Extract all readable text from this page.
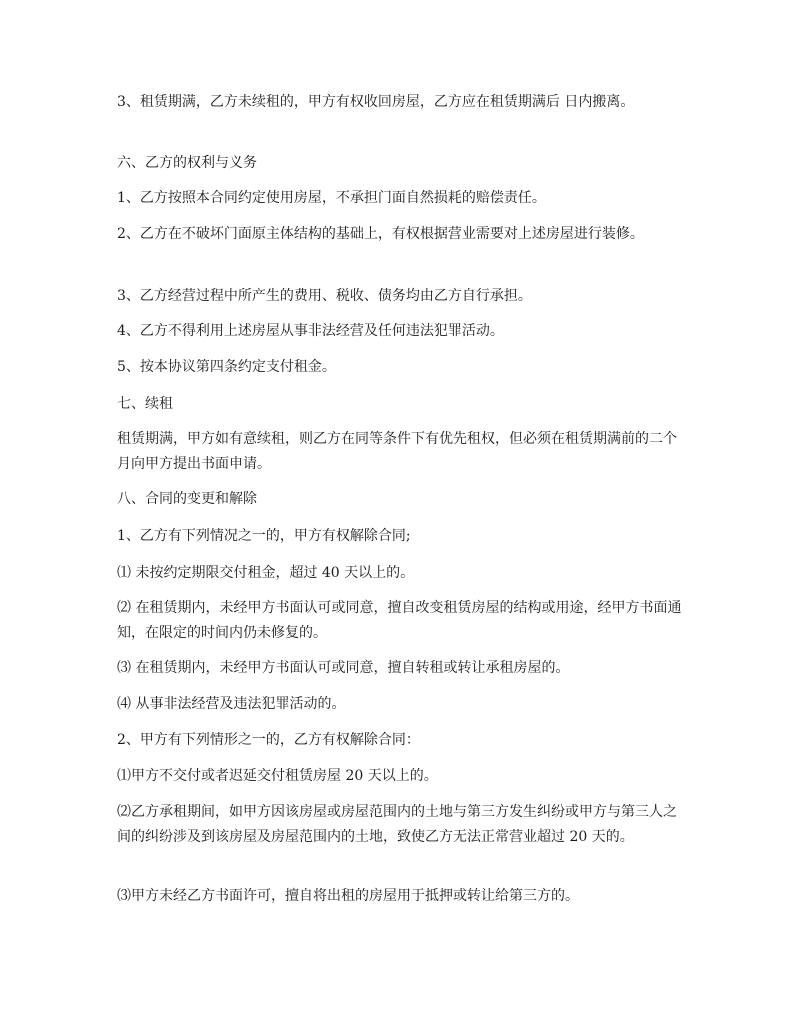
3、租赁期满，乙方未续租的，甲方有权收回房屋，乙方应在租赁期满后 日内搬离。

六、乙方的权利与义务

1、乙方按照本合同约定使用房屋，不承担门面自然损耗的赔偿责任。

2、乙方在不破坏门面原主体结构的基础上，有权根据营业需要对上述房屋进行装修。

3、乙方经营过程中所产生的费用、税收、债务均由乙方自行承担。

4、乙方不得利用上述房屋从事非法经营及任何违法犯罪活动。

5、按本协议第四条约定支付租金。

七、续租

租赁期满，甲方如有意续租，则乙方在同等条件下有优先租权，但必须在租赁期满前的二个月向甲方提出书面申请。

八、合同的变更和解除

1、乙方有下列情况之一的，甲方有权解除合同;

⑴ 未按约定期限交付租金，超过 40 天以上的。

⑵ 在租赁期内，未经甲方书面认可或同意，擅自改变租赁房屋的结构或用途，经甲方书面通知，在限定的时间内仍未修复的。

⑶ 在租赁期内，未经甲方书面认可或同意，擅自转租或转让承租房屋的。

⑷ 从事非法经营及违法犯罪活动的。

2、甲方有下列情形之一的，乙方有权解除合同：

⑴甲方不交付或者迟延交付租赁房屋 20 天以上的。

⑵乙方承租期间，如甲方因该房屋或房屋范围内的土地与第三方发生纠纷或甲方与第三人之间的纠纷涉及到该房屋及房屋范围内的土地，致使乙方无法正常营业超过 20 天的。

⑶甲方未经乙方书面许可，擅自将出租的房屋用于抵押或转让给第三方的。
